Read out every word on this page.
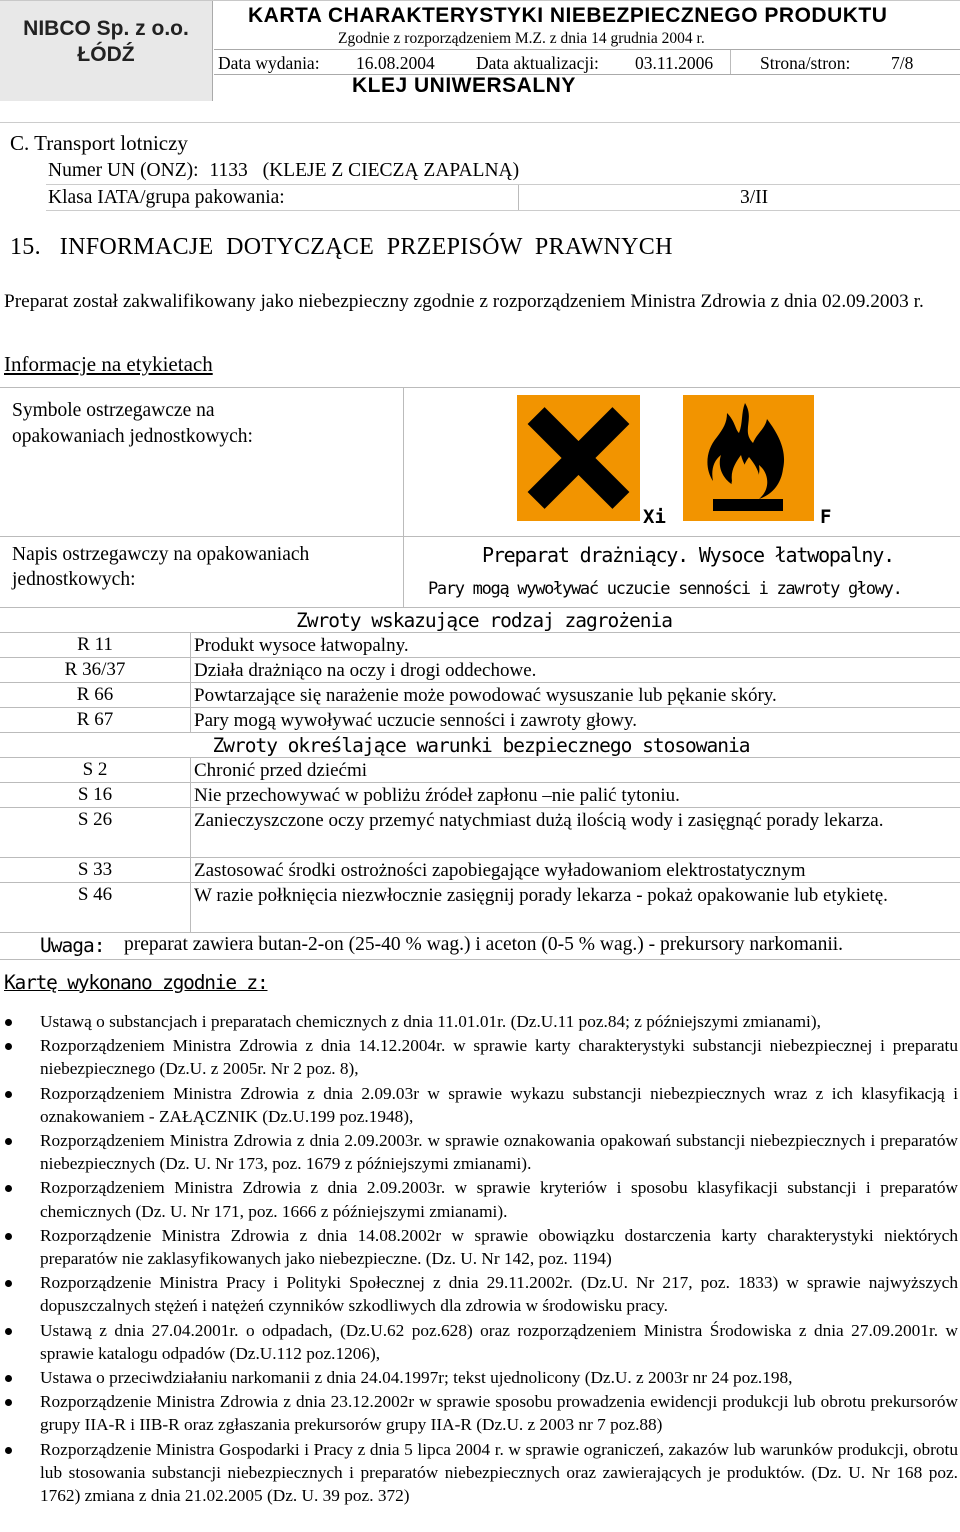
NIBCO Sp. z o.o.
ŁÓDŹ
KARTA CHARAKTERYSTYKI NIEBEZPIECZNEGO PRODUKTU
Zgodnie z rozporządzeniem M.Z. z dnia 14 grudnia 2004 r.
Data wydania: 16.08.2004 Data aktualizacji: 03.11.2006	Strona/stron: 7/8
KLEJ UNIWERSALNY
C. Transport lotniczy
Numer UN (ONZ): 1133 (KLEJE Z CIECZĄ ZAPALNĄ)
Klasa IATA/grupa pakowania:	3/II
15.   INFORMACJE  DOTYCZĄCE  PRZEPISÓW  PRAWNYCH
Preparat został zakwalifikowany jako niebezpieczny zgodnie z rozporządzeniem Ministra Zdrowia z dnia 02.09.2003 r.
Informacje na etykietach
Symbole ostrzegawcze na
opakowaniach jednostkowych:
Xi	F
Napis ostrzegawczy na opakowaniach
jednostkowych:
Preparat drażniący. Wysoce łatwopalny.
Pary mogą wywoływać uczucie senności i zawroty głowy.
Zwroty wskazujące rodzaj zagrożenia
R 11	Produkt wysoce łatwopalny.
R 36/37	Działa drażniąco na oczy i drogi oddechowe.
R 66	Powtarzające się narażenie może powodować wysuszanie lub pękanie skóry.
R 67	Pary mogą wywoływać uczucie senności i zawroty głowy.
Zwroty określające warunki bezpiecznego stosowania
S 2	Chronić przed dziećmi
S 16	Nie przechowywać w pobliżu źródeł zapłonu –nie palić tytoniu.
S 26	Zanieczyszczone oczy przemyć natychmiast dużą ilością wody i zasięgnąć porady lekarza.
S 33	Zastosować środki ostrożności zapobiegające wyładowaniom elektrostatycznym
S 46	W razie połknięcia niezwłocznie zasięgnij porady lekarza - pokaż opakowanie lub etykietę.
Uwaga: preparat zawiera butan-2-on (25-40 % wag.) i aceton (0-5 % wag.) - prekursory narkomanii.
Kartę wykonano zgodnie z:
Ustawą o substancjach i preparatach chemicznych z dnia 11.01.01r. (Dz.U.11 poz.84; z późniejszymi zmianami),
Rozporządzeniem Ministra Zdrowia z dnia 14.12.2004r. w sprawie karty charakterystyki substancji niebezpiecznej i preparatu niebezpiecznego (Dz.U. z 2005r. Nr 2 poz. 8),
Rozporządzeniem Ministra Zdrowia z dnia 2.09.03r w sprawie wykazu substancji niebezpiecznych wraz z ich klasyfikacją i oznakowaniem - ZAŁĄCZNIK (Dz.U.199 poz.1948),
Rozporządzeniem Ministra Zdrowia z dnia 2.09.2003r. w sprawie oznakowania opakowań substancji niebezpiecznych i preparatów niebezpiecznych (Dz. U. Nr 173, poz. 1679 z późniejszymi zmianami).
Rozporządzeniem Ministra Zdrowia z dnia 2.09.2003r. w sprawie kryteriów i sposobu klasyfikacji substancji i preparatów chemicznych (Dz. U. Nr 171, poz. 1666 z późniejszymi zmianami).
Rozporządzenie Ministra Zdrowia z dnia 14.08.2002r w sprawie obowiązku dostarczenia karty charakterystyki niektórych preparatów nie zaklasyfikowanych jako niebezpieczne. (Dz. U. Nr 142, poz. 1194)
Rozporządzenie Ministra Pracy i Polityki Społecznej z dnia 29.11.2002r. (Dz.U. Nr 217, poz. 1833) w sprawie najwyższych dopuszczalnych stężeń i natężeń czynników szkodliwych dla zdrowia w środowisku pracy.
Ustawą z dnia 27.04.2001r. o odpadach, (Dz.U.62 poz.628) oraz rozporządzeniem Ministra Środowiska z dnia 27.09.2001r. w sprawie katalogu odpadów (Dz.U.112 poz.1206),
Ustawa o przeciwdziałaniu narkomanii z dnia 24.04.1997r; tekst ujednolicony (Dz.U. z 2003r nr 24 poz.198,
Rozporządzenie Ministra Zdrowia z dnia 23.12.2002r w sprawie sposobu prowadzenia ewidencji produkcji lub obrotu prekursorów grupy IIA-R i IIB-R oraz zgłaszania prekursorów grupy IIA-R (Dz.U. z 2003 nr 7 poz.88)
Rozporządzenie Ministra Gospodarki i Pracy z dnia 5 lipca 2004 r. w sprawie ograniczeń, zakazów lub warunków produkcji, obrotu lub stosowania substancji niebezpiecznych i preparatów niebezpiecznych oraz zawierających je produktów. (Dz. U. Nr 168 poz. 1762) zmiana z dnia 21.02.2005 (Dz. U. 39 poz. 372)
